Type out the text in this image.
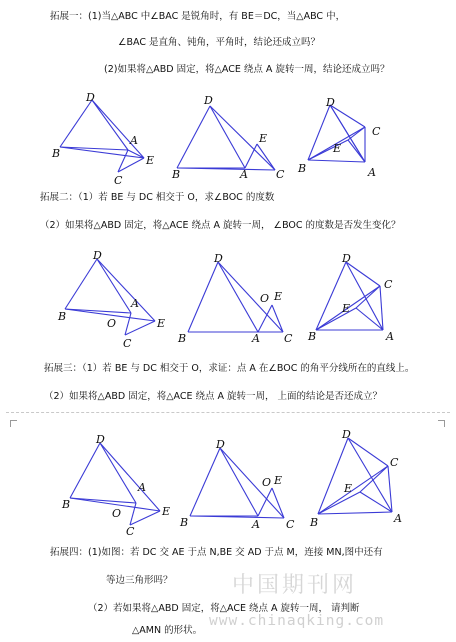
拓展一：(1)当△ABC 中∠BAC 是锐角时，有 BE＝DC，当△ABC 中，
∠BAC 是直角、钝角，平角时，结论还成立吗？
(2)如果将△ABD 固定，将△ACE 绕点 A 旋转一周，结论还成立吗？
拓展二：（1）若 BE 与 DC 相交于 O，求∠BOC 的度数
（2）如果将△ABD 固定，将△ACE 绕点 A 旋转一周， ∠BOC 的度数是否发生变化？
拓展三：（1）若 BE 与 DC 相交于 O，求证：点 A 在∠BOC 的角平分线所在的直线上。
（2）如果将△ABD 固定，将△ACE 绕点 A 旋转一周， 上面的结论是否还成立？
拓展四：(1)如图：若 DC 交 AE 于点 N,BE 交 AD 于点 M，连接 MN,图中还有
等边三角形吗？
（2）若如果将△ABD 固定，将△ACE 绕点 A 旋转一周， 请判断
△AMN 的形状。
中国期刊网
www.chinaqking.com
D
B
A
E
C
D
E
B	A	C
D
C
E
B	A
D
B
A
O	E
C
D
O E
B	A C
D
C
E
B	A
D
B
A
O	E
C
D
O E
B	A C
D
C
E
B	A
